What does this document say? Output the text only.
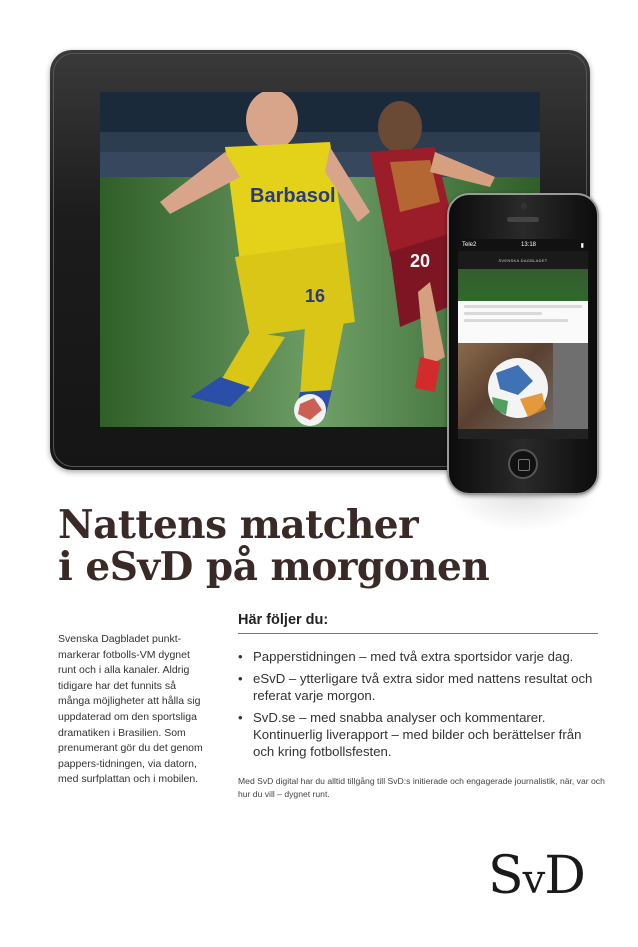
20
Barbasol
16
Tele2	13:18	▮
SVENSKA DAGBLADET
Nattens matcher
i eSvD på morgonen

Svenska Dagbladet punkt-markerar fotbolls-VM dygnet runt och i alla kanaler. Aldrig tidigare har det funnits så många möjligheter att hålla sig uppdaterad om den sportsliga dramatiken i Brasilien. Som prenumerant gör du det genom pappers-tidningen, via datorn, med surfplattan och i mobilen.

Här följer du:
• Papperstidningen – med två extra sportsidor varje dag.
• eSvD – ytterligare två extra sidor med nattens resultat och referat varje morgon.
• SvD.se – med snabba analyser och kommentarer. Kontinuerlig liverapport – med bilder och berättelser från och kring fotbollsfesten.

Med SvD digital har du alltid tillgång till SvD:s initierade och engagerade journalistik, när, var och hur du vill – dygnet runt.

SvD
